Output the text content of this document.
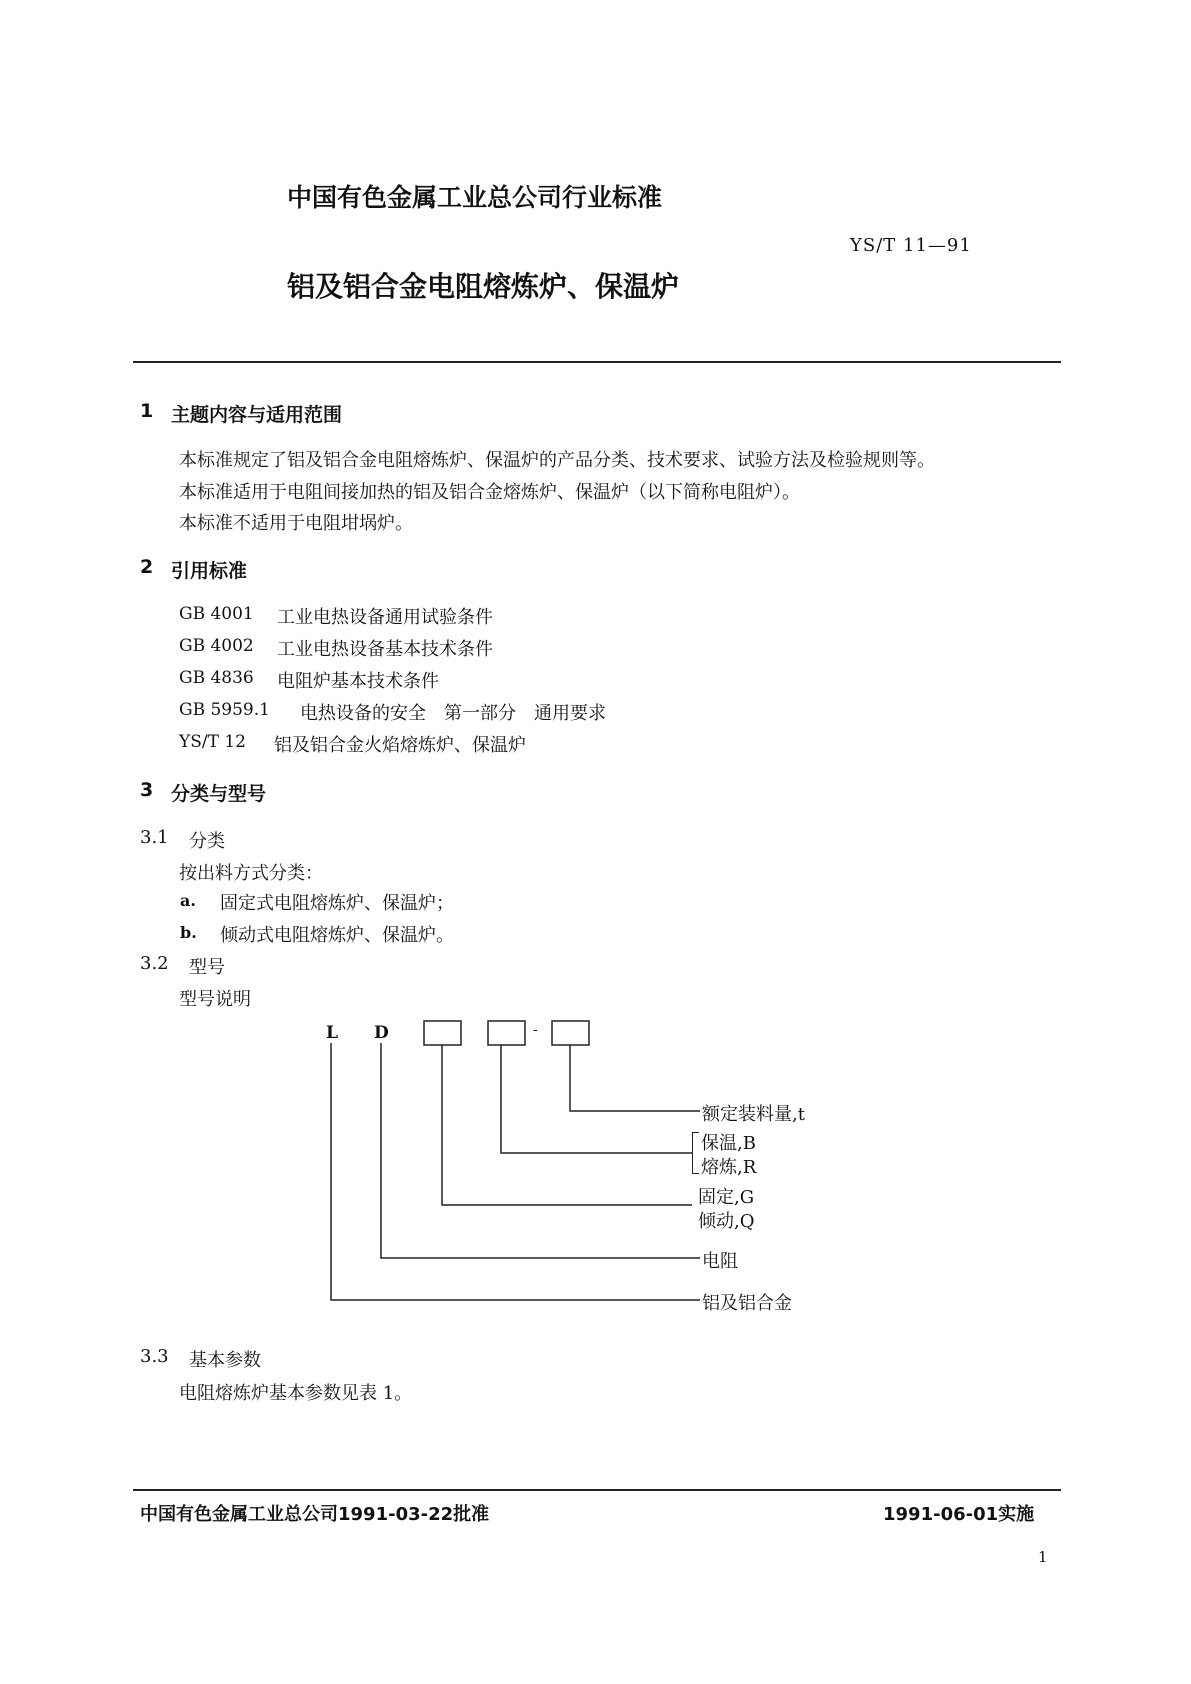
中国有色金属工业总公司行业标准
YS/T 11—91
铝及铝合金电阻熔炼炉、保温炉
1 主题内容与适用范围
本标准规定了铝及铝合金电阻熔炼炉、保温炉的产品分类、技术要求、试验方法及检验规则等。
本标准适用于电阻间接加热的铝及铝合金熔炼炉、保温炉（以下简称电阻炉）。
本标准不适用于电阻坩埚炉。
2 引用标准
GB 4001 工业电热设备通用试验条件
GB 4002 工业电热设备基本技术条件
GB 4836 电阻炉基本技术条件
GB 5959.1 电热设备的安全　第一部分　通用要求
YS/T 12 铝及铝合金火焰熔炼炉、保温炉
3 分类与型号
3.1 分类
按出料方式分类：
a. 固定式电阻熔炼炉、保温炉；
b. 倾动式电阻熔炼炉、保温炉。
3.2 型号
型号说明
L D	-
额定装料量,t
保温,B
熔炼,R
固定,G
倾动,Q
电阻
铝及铝合金
3.3 基本参数
电阻熔炼炉基本参数见表 1。
中国有色金属工业总公司1991-03-22批准	1991-06-01实施
1
